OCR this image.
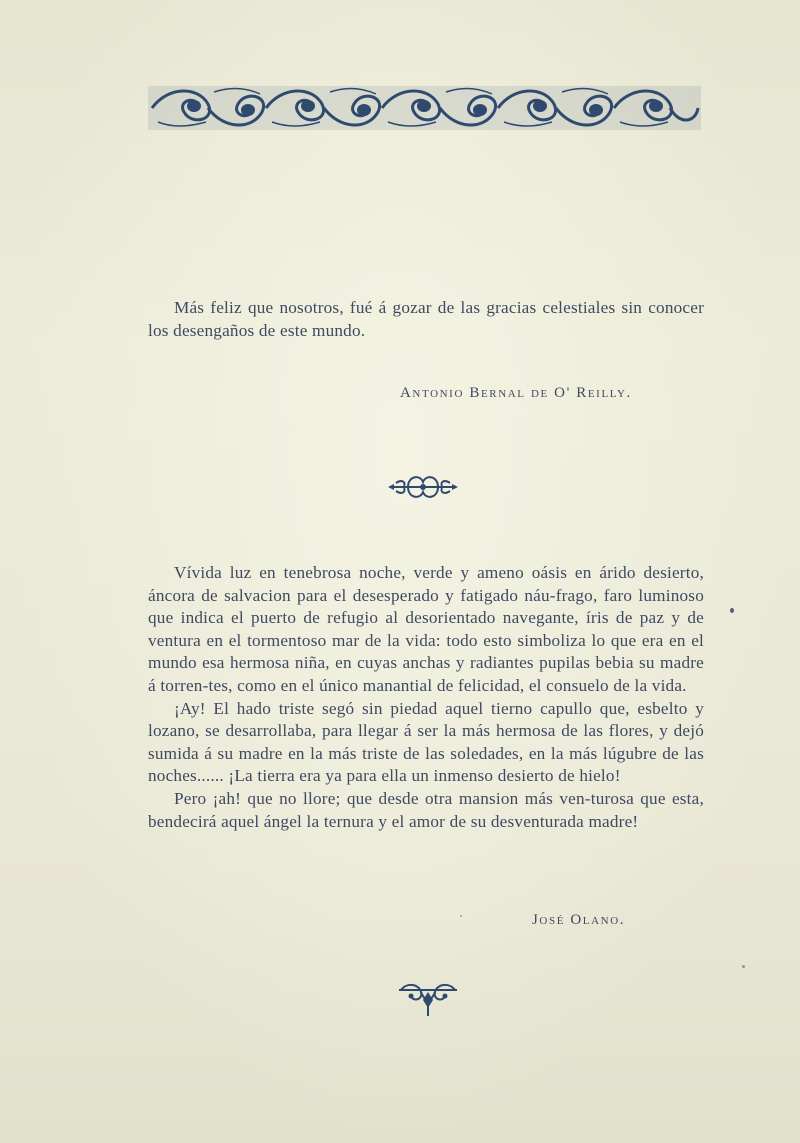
Más feliz que nosotros, fué á gozar de las gracias celestiales sin conocer los desengaños de este mundo.

Antonio Bernal de O' Reilly.

Vívida luz en tenebrosa noche, verde y ameno oásis en árido desierto, áncora de salvacion para el desesperado y fatigado náu-frago, faro luminoso que indica el puerto de refugio al desorientado navegante, íris de paz y de ventura en el tormentoso mar de la vida: todo esto simboliza lo que era en el mundo esa hermosa niña, en cuyas anchas y radiantes pupilas bebia su madre á torren-tes, como en el único manantial de felicidad, el consuelo de la vida.

¡Ay! El hado triste segó sin piedad aquel tierno capullo que, esbelto y lozano, se desarrollaba, para llegar á ser la más hermosa de las flores, y dejó sumida á su madre en la más triste de las soledades, en la más lúgubre de las noches...... ¡La tierra era ya para ella un inmenso desierto de hielo!

Pero ¡ah! que no llore; que desde otra mansion más ven-turosa que esta, bendecirá aquel ángel la ternura y el amor de su desventurada madre!

José Olano.
